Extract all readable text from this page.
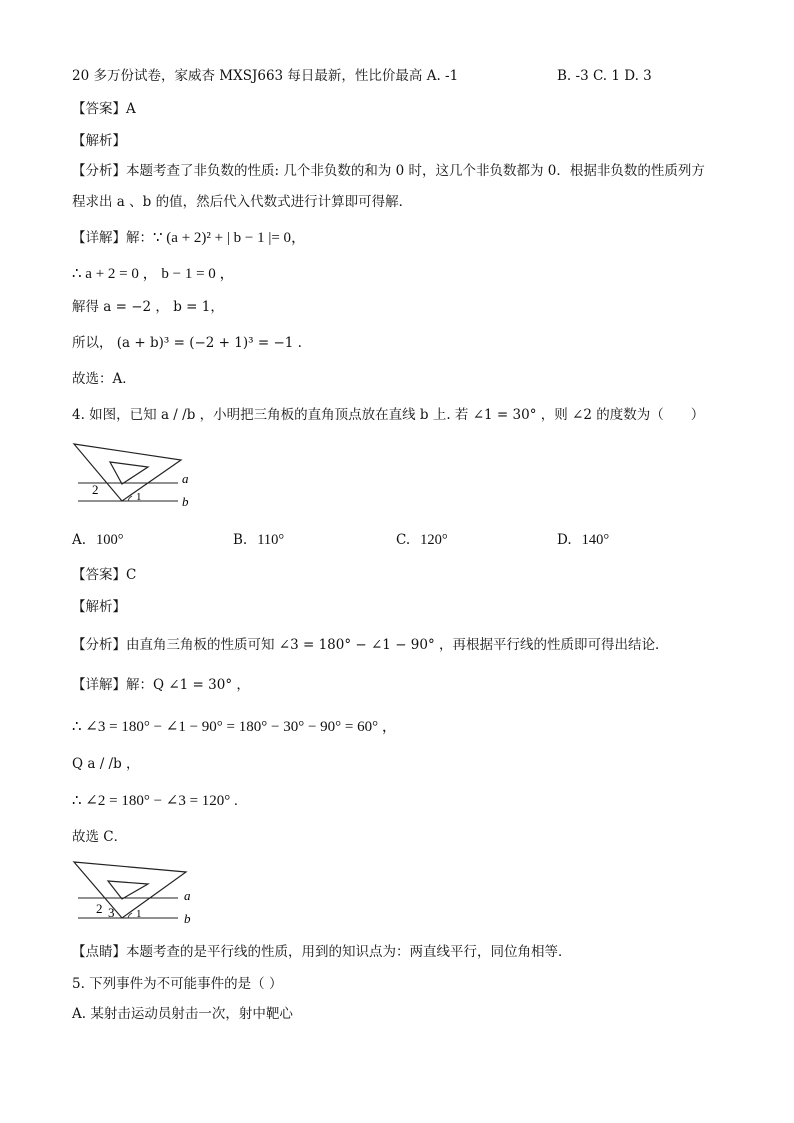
20 多万份试卷，家威杏 MXSJ663 每日最新，性比价最高 A. -1	B. -3 C. 1 D. 3
【答案】A
【解析】
【分析】本题考查了非负数的性质: 几个非负数的和为 0 时，这几个非负数都为 0．根据非负数的性质列方
程求出 a 、b 的值，然后代入代数式进行计算即可得解．
【详解】解：∵ (a + 2)² + | b − 1 |= 0，
∴ a + 2 = 0 ， b − 1 = 0 ，
解得 a = −2 ， b = 1，
所以， (a + b)³ = (−2 + 1)³ = −1 .
故选：A．
4. 如图，已知 a / /b ，小明把三角板的直角顶点放在直线 b 上. 若 ∠1 = 30° ，则 ∠2 的度数为（　　）
a
b
2	1
A. 100°	B. 110°	C. 120°	D. 140°
【答案】C
【解析】
【分析】由直角三角板的性质可知 ∠3 = 180° − ∠1 − 90° ，再根据平行线的性质即可得出结论．
【详解】解：Q ∠1 = 30° ，
∴ ∠3 = 180° − ∠1 − 90° = 180° − 30° − 90° = 60° ，
Q a / /b ，
∴ ∠2 = 180° − ∠3 = 120° .
故选 C．
a
b
2 3 1
【点睛】本题考查的是平行线的性质，用到的知识点为：两直线平行，同位角相等．
5. 下列事件为不可能事件的是（ ）
A. 某射击运动员射击一次，射中靶心
